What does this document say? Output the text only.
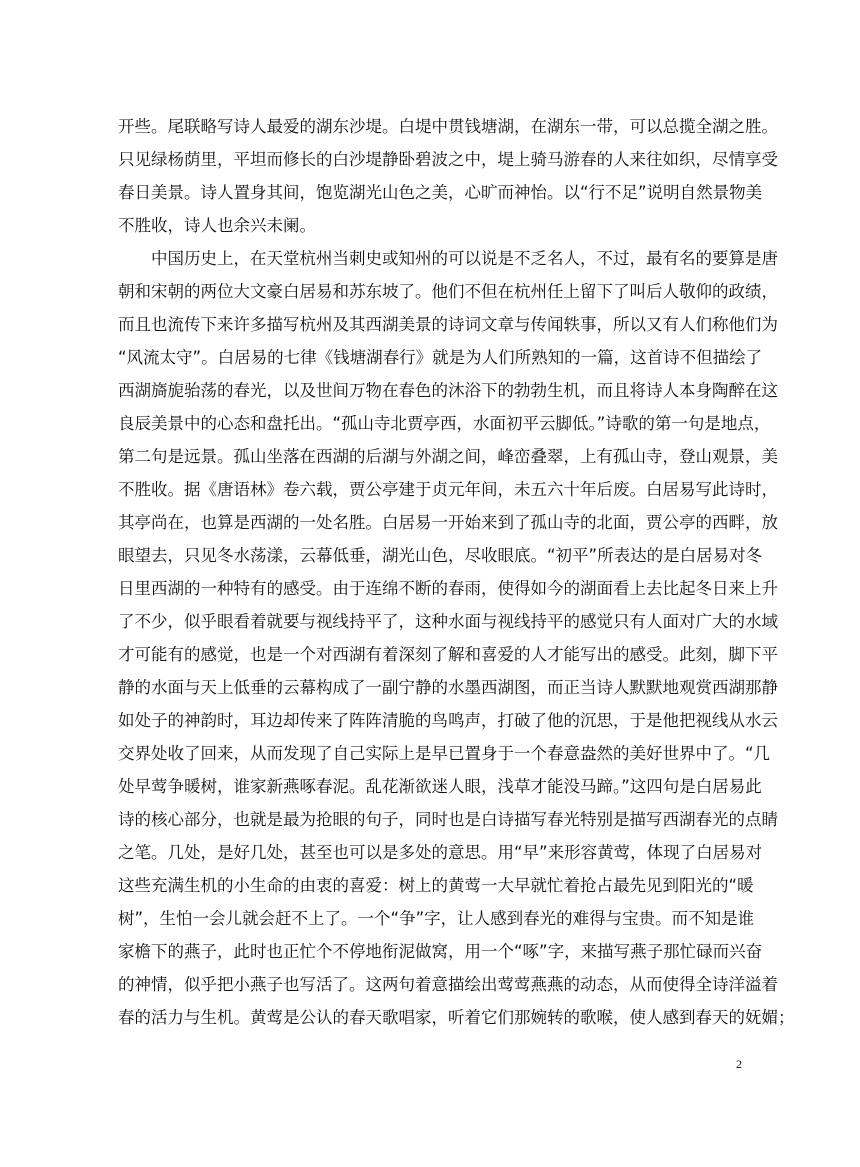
开些。尾联略写诗人最爱的湖东沙堤。白堤中贯钱塘湖，在湖东一带，可以总揽全湖之胜。
只见绿杨荫里，平坦而修长的白沙堤静卧碧波之中，堤上骑马游春的人来往如织，尽情享受
春日美景。诗人置身其间，饱览湖光山色之美，心旷而神怡。以“行不足”说明自然景物美
不胜收，诗人也余兴未阑。
中国历史上，在天堂杭州当刺史或知州的可以说是不乏名人，不过，最有名的要算是唐
朝和宋朝的两位大文豪白居易和苏东坡了。他们不但在杭州任上留下了叫后人敬仰的政绩，
而且也流传下来许多描写杭州及其西湖美景的诗词文章与传闻轶事，所以又有人们称他们为
“风流太守”。白居易的七律《钱塘湖春行》就是为人们所熟知的一篇，这首诗不但描绘了
西湖旖旎骀荡的春光，以及世间万物在春色的沐浴下的勃勃生机，而且将诗人本身陶醉在这
良辰美景中的心态和盘托出。“孤山寺北贾亭西，水面初平云脚低。”诗歌的第一句是地点，
第二句是远景。孤山坐落在西湖的后湖与外湖之间，峰峦叠翠，上有孤山寺，登山观景，美
不胜收。据《唐语林》卷六载，贾公亭建于贞元年间，未五六十年后废。白居易写此诗时，
其亭尚在，也算是西湖的一处名胜。白居易一开始来到了孤山寺的北面，贾公亭的西畔，放
眼望去，只见冬水荡漾，云幕低垂，湖光山色，尽收眼底。“初平”所表达的是白居易对冬
日里西湖的一种特有的感受。由于连绵不断的春雨，使得如今的湖面看上去比起冬日来上升
了不少，似乎眼看着就要与视线持平了，这种水面与视线持平的感觉只有人面对广大的水域
才可能有的感觉，也是一个对西湖有着深刻了解和喜爱的人才能写出的感受。此刻，脚下平
静的水面与天上低垂的云幕构成了一副宁静的水墨西湖图，而正当诗人默默地观赏西湖那静
如处子的神韵时，耳边却传来了阵阵清脆的鸟鸣声，打破了他的沉思，于是他把视线从水云
交界处收了回来，从而发现了自己实际上是早已置身于一个春意盎然的美好世界中了。“几
处早莺争暖树，谁家新燕啄春泥。乱花渐欲迷人眼，浅草才能没马蹄。”这四句是白居易此
诗的核心部分，也就是最为抢眼的句子，同时也是白诗描写春光特别是描写西湖春光的点睛
之笔。几处，是好几处，甚至也可以是多处的意思。用“早”来形容黄莺，体现了白居易对
这些充满生机的小生命的由衷的喜爱：树上的黄莺一大早就忙着抢占最先见到阳光的“暖
树”，生怕一会儿就会赶不上了。一个“争”字，让人感到春光的难得与宝贵。而不知是谁
家檐下的燕子，此时也正忙个不停地衔泥做窝，用一个“啄”字，来描写燕子那忙碌而兴奋
的神情，似乎把小燕子也写活了。这两句着意描绘出莺莺燕燕的动态，从而使得全诗洋溢着
春的活力与生机。黄莺是公认的春天歌唱家，听着它们那婉转的歌喉，使人感到春天的妩媚；
2
